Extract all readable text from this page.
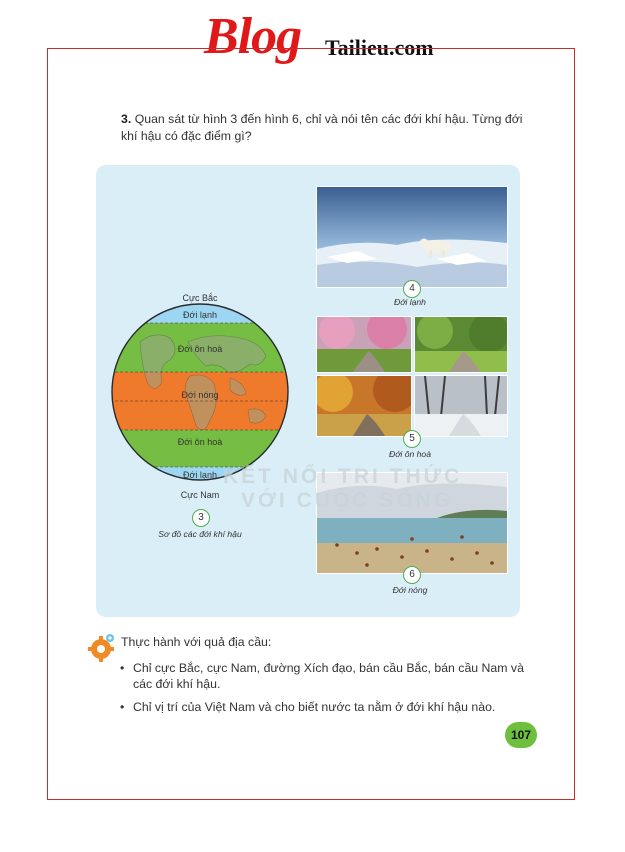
Blog Tailieu.com
3. Quan sát từ hình 3 đến hình 6, chỉ và nói tên các đới khí hậu. Từng đới khí hậu có đặc điểm gì?
Cực Bắc
Đới lạnh
Đới ôn hoà
Đới nóng
Đới ôn hoà
Đới lạnh
Cực Nam
3
Sơ đồ các đới khí hậu
4
Đới lạnh
5
Đới ôn hoà
6
Đới nóng
KẾT NỐI TRI THỨC
VỚI CUỘC SỐNG
Thực hành với quả địa cầu:
• Chỉ cực Bắc, cực Nam, đường Xích đạo, bán cầu Bắc, bán cầu Nam và các đới khí hậu.
• Chỉ vị trí của Việt Nam và cho biết nước ta nằm ở đới khí hậu nào.
107
